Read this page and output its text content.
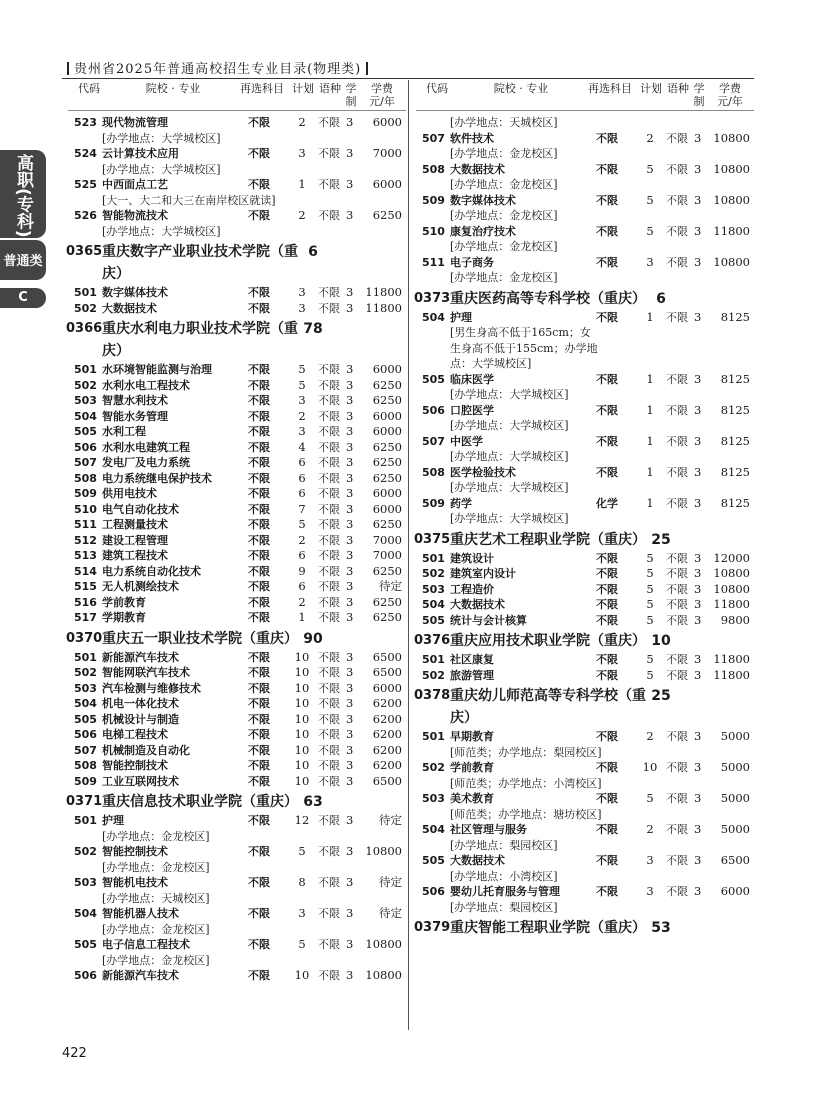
贵州省2025年普通高校招生专业目录(物理类)
高职(专科)
普通类
C
代码	院校 · 专业	再选科目 计划 语种 学
制
学费
元/年
523 现代物流管理	不限	2	不限 3	6000
[办学地点：大学城校区]
524 云计算技术应用	不限	3	不限 3	7000
[办学地点：大学城校区]
525 中西面点工艺	不限	1	不限 3	6000
[大一、大二和大三在南岸校区就读]
526 智能物流技术	不限	2	不限 3	6250
[办学地点：大学城校区]
0365 重庆数字产业职业技术学院（重庆）
6
501 数字媒体技术	不限	3	不限 3	11800
502 大数据技术	不限	3	不限 3	11800
0366 重庆水利电力职业技术学院（重庆）
78
501 水环境智能监测与治理	不限	5	不限 3	6000
502 水利水电工程技术	不限	5	不限 3	6250
503 智慧水利技术	不限	3	不限 3	6250
504 智能水务管理	不限	2	不限 3	6000
505 水利工程	不限	3	不限 3	6000
506 水利水电建筑工程	不限	4	不限 3	6250
507 发电厂及电力系统	不限	6	不限 3	6250
508 电力系统继电保护技术	不限	6	不限 3	6250
509 供用电技术	不限	6	不限 3	6000
510 电气自动化技术	不限	7	不限 3	6000
511 工程测量技术	不限	5	不限 3	6250
512 建设工程管理	不限	2	不限 3	7000
513 建筑工程技术	不限	6	不限 3	7000
514 电力系统自动化技术	不限	9	不限 3	6250
515 无人机测绘技术	不限	6	不限 3	待定
516 学前教育	不限	2	不限 3	6250
517 学期教育	不限	1	不限 3	6250
0370 重庆五一职业技术学院（重庆） 90
501 新能源汽车技术	不限 10 不限 3	6500
502 智能网联汽车技术	不限 10 不限 3	6500
503 汽车检测与维修技术	不限 10 不限 3	6000
504 机电一体化技术	不限 10 不限 3	6200
505 机械设计与制造	不限 10 不限 3	6200
506 电梯工程技术	不限 10 不限 3	6200
507 机械制造及自动化	不限 10 不限 3	6200
508 智能控制技术	不限 10 不限 3	6200
509 工业互联网技术	不限 10 不限 3	6500
0371 重庆信息技术职业学院（重庆） 63
501 护理	不限 12 不限 3	待定
[办学地点：金龙校区]
502 智能控制技术	不限	5	不限 3	10800
[办学地点：金龙校区]
503 智能机电技术	不限	8	不限 3	待定
[办学地点：天城校区]
504 智能机器人技术	不限	3	不限 3	待定
[办学地点：金龙校区]
505 电子信息工程技术	不限	5	不限 3	10800
[办学地点：金龙校区]
506 新能源汽车技术	不限 10 不限 3	10800
代码	院校 · 专业	再选科目 计划 语种 学
制
学费
元/年
[办学地点：天城校区]
507 软件技术	不限	2	不限 3	10800
[办学地点：金龙校区]
508 大数据技术	不限	5	不限 3	10800
[办学地点：金龙校区]
509 数字媒体技术	不限	5	不限 3	10800
[办学地点：金龙校区]
510 康复治疗技术	不限	5	不限 3	11800
[办学地点：金龙校区]
511 电子商务	不限	3	不限 3	10800
[办学地点：金龙校区]
0373 重庆医药高等专科学校（重庆） 6
504 护理	不限	1	不限 3	8125
[男生身高不低于165cm；女生身高不低于155cm；办学地点：大学城校区]
505 临床医学	不限	1	不限 3	8125
[办学地点：大学城校区]
506 口腔医学	不限	1	不限 3	8125
[办学地点：大学城校区]
507 中医学	不限	1	不限 3	8125
[办学地点：大学城校区]
508 医学检验技术	不限	1	不限 3	8125
[办学地点：大学城校区]
509 药学	化学	1	不限 3	8125
[办学地点：大学城校区]
0375 重庆艺术工程职业学院（重庆） 25
501 建筑设计	不限	5	不限 3	12000
502 建筑室内设计	不限	5	不限 3	10800
503 工程造价	不限	5	不限 3	10800
504 大数据技术	不限	5	不限 3	11800
505 统计与会计核算	不限	5	不限 3	9800
0376 重庆应用技术职业学院（重庆） 10
501 社区康复	不限	5	不限 3	11800
502 旅游管理	不限	5	不限 3	11800
0378 重庆幼儿师范高等专科学校（重庆）
25
501 早期教育	不限	2	不限 3	5000
[师范类；办学地点：梨园校区]
502 学前教育	不限 10 不限 3	5000
[师范类；办学地点：小湾校区]
503 美术教育	不限	5	不限 3	5000
[师范类；办学地点：塘坊校区]
504 社区管理与服务	不限	2	不限 3	5000
[办学地点：梨园校区]
505 大数据技术	不限	3	不限 3	6500
[办学地点：小湾校区]
506 婴幼儿托育服务与管理	不限	3	不限 3	6000
[办学地点：梨园校区]
0379 重庆智能工程职业学院（重庆） 53
422
